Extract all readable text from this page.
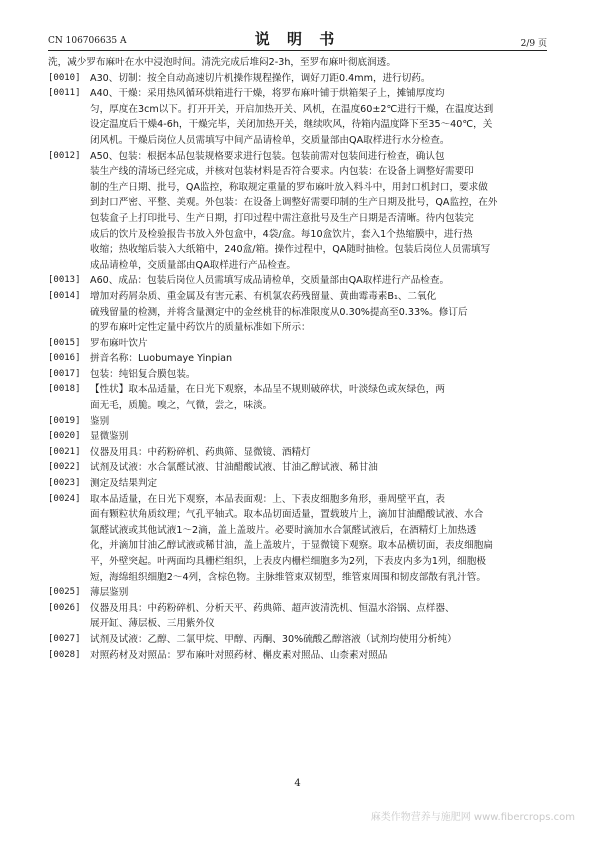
CN 106706635 A	说 明 书	2/9 页
洗，减少罗布麻叶在水中浸泡时间。清洗完成后堆闷2-3h，至罗布麻叶彻底润透。
[0010] A30、切制：按全自动高速切片机操作规程操作，调好刀距0.4mm，进行切药。
[0011] A40、干燥：采用热风循环烘箱进行干燥，将罗布麻叶铺于烘箱架子上，摊铺厚度均
匀，厚度在3cm以下。打开开关，开启加热开关、风机，在温度60±2℃进行干燥，在温度达到
设定温度后干燥4-6h，干燥完毕，关闭加热开关，继续吹风，待箱内温度降下至35～40℃，关
闭风机。干燥后岗位人员需填写中间产品请检单，交质量部由QA取样进行水分检查。
[0012] A50、包装：根据本品包装规格要求进行包装。包装前需对包装间进行检查，确认包
装生产线的清场已经完成，并核对包装材料是否符合要求。内包装：在设备上调整好需要印
制的生产日期、批号，QA监控，称取规定重量的罗布麻叶放入料斗中，用封口机封口，要求做
到封口严密、平整、美观。外包装：在设备上调整好需要印制的生产日期及批号，QA监控，在外
包装盒子上打印批号、生产日期，打印过程中需注意批号及生产日期是否清晰。待内包装完
成后的饮片及检验报告书放入外包盒中，4袋/盒。每10盒饮片，套入1个热缩膜中，进行热
收缩；热收缩后装入大纸箱中，240盒/箱。操作过程中，QA随时抽检。包装后岗位人员需填写
成品请检单，交质量部由QA取样进行产品检查。
[0013] A60、成品：包装后岗位人员需填写成品请检单，交质量部由QA取样进行产品检查。
[0014] 增加对药屑杂质、重金属及有害元素、有机氯农药残留量、黄曲霉毒素B₁、二氧化
硫残留量的检测，并将含量测定中的金丝桃苷的标准限度从0.30%提高至0.33%。修订后
的罗布麻叶定性定量中药饮片的质量标准如下所示：
[0015] 罗布麻叶饮片
[0016] 拼音名称：Luobumaye Yinpian
[0017] 包装：纯铝复合膜包装。
[0018] 【性状】取本品适量，在日光下观察，本品呈不规则破碎状，叶淡绿色或灰绿色，两
面无毛，质脆。嗅之，气微，尝之，味淡。
[0019] 鉴别
[0020] 显微鉴别
[0021] 仪器及用具：中药粉碎机、药典筛、显微镜、酒精灯
[0022] 试剂及试液：水合氯醛试液、甘油醋酸试液、甘油乙醇试液、稀甘油
[0023] 测定及结果判定
[0024] 取本品适量，在日光下观察，本品表面观：上、下表皮细胞多角形，垂周壁平直，表
面有颗粒状角质纹理；气孔平轴式。取本品切面适量，置载玻片上，滴加甘油醋酸试液、水合
氯醛试液或其他试液1～2滴，盖上盖玻片。必要时滴加水合氯醛试液后，在酒精灯上加热透
化，并滴加甘油乙醇试液或稀甘油，盖上盖玻片，于显微镜下观察。取本品横切面，表皮细胞扁
平，外壁突起。叶两面均具栅栏组织，上表皮内栅栏细胞多为2列，下表皮内多为1列，细胞极
短，海绵组织细胞2～4列，含棕色物。主脉维管束双韧型，维管束周围和韧皮部散有乳汁管。
[0025] 薄层鉴别
[0026] 仪器及用具：中药粉碎机、分析天平、药典筛、超声波清洗机、恒温水浴锅、点样器、
展开缸、薄层板、三用紫外仪
[0027] 试剂及试液：乙醇、二氯甲烷、甲醇、丙酮、30%硫酸乙醇溶液（试剂均使用分析纯）
[0028] 对照药材及对照品：罗布麻叶对照药材、槲皮素对照品、山柰素对照品
4
麻类作物营养与施肥网 www.fibercrops.com
